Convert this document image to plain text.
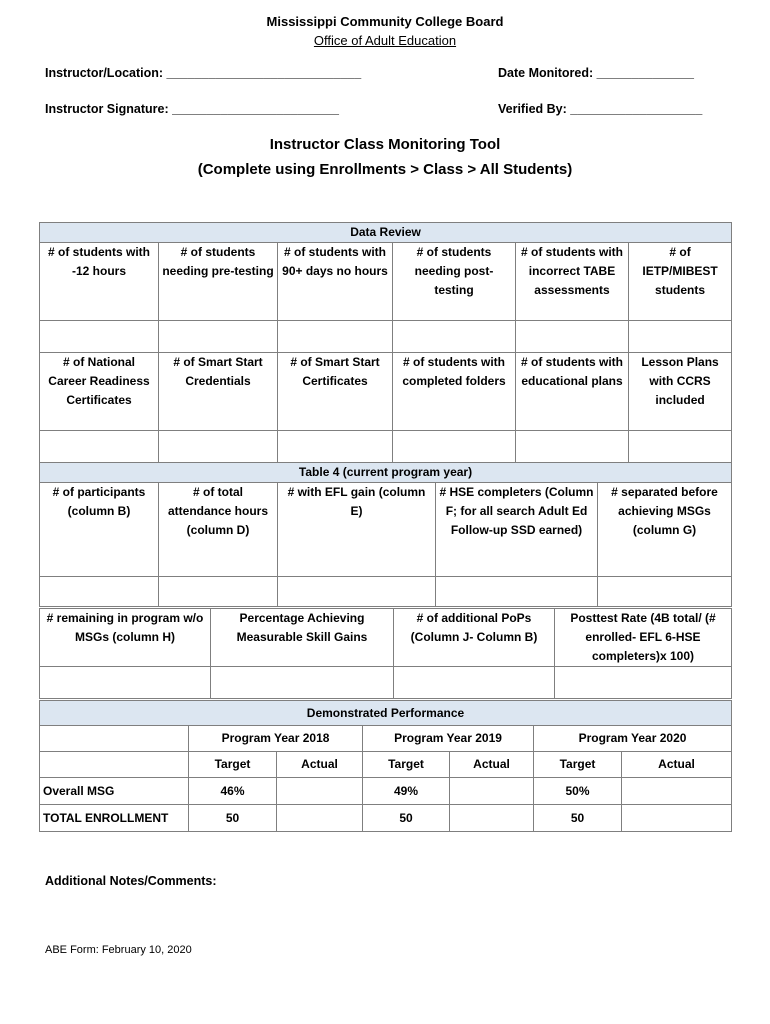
Mississippi Community College Board
Office of Adult Education
Instructor/Location: ____________________________	Date Monitored: ______________
Instructor Signature: ________________________	Verified By: ___________________
Instructor Class Monitoring Tool
(Complete using Enrollments > Class > All Students)
Data Review					
# of students with -12 hours	# of students needing pre-testing	# of students with 90+ days no hours	# of students needing post-testing	# of students with incorrect TABE assessments	# of IETP/MIBEST students

# of National Career Readiness Certificates	# of Smart Start Credentials	# of Smart Start Certificates	# of students with completed folders	# of students with educational plans	Lesson Plans with CCRS included

Table 4 (current program year)				
# of participants (column B)	# of total attendance hours (column D)	# with EFL gain (column E)	# HSE completers (Column F; for all search Adult Ed Follow-up SSD earned)	# separated before achieving MSGs (column G)

# remaining in program w/o MSGs (column H)	Percentage Achieving Measurable Skill Gains	# of additional PoPs (Column J- Column B)	Posttest Rate (4B total/ (# enrolled- EFL 6-HSE completers)x 100)

Demonstrated Performance						
	Program Year 2018		Program Year 2019		Program Year 2020	
	Target	Actual	Target	Actual	Target	Actual
Overall MSG	46%		49%		50%	
TOTAL ENROLLMENT	50		50		50	
Additional Notes/Comments:
ABE Form: February 10, 2020
